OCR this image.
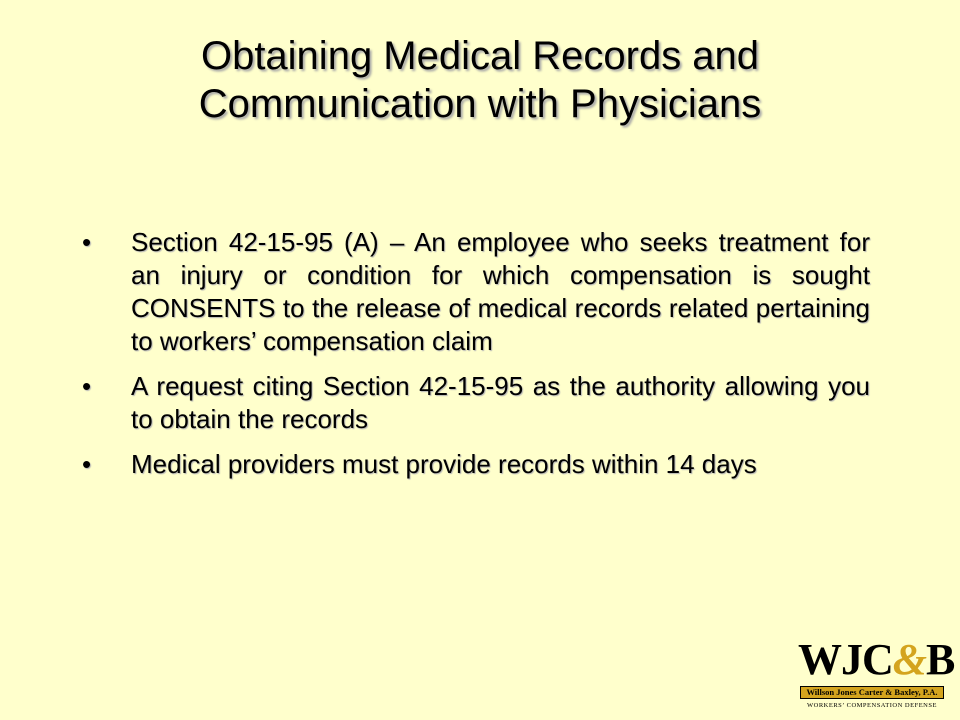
Obtaining Medical Records and
Communication with Physicians
• Section 42-15-95 (A) – An employee who seeks treatment for an injury or condition for which compensation is sought CONSENTS to the release of medical records related pertaining to workers’ compensation claim
• A request citing Section 42-15-95 as the authority allowing you to obtain the records
• Medical providers must provide records within 14 days
WJC&B
Willson Jones Carter & Baxley, P.A.
WORKERS’ COMPENSATION DEFENSE
